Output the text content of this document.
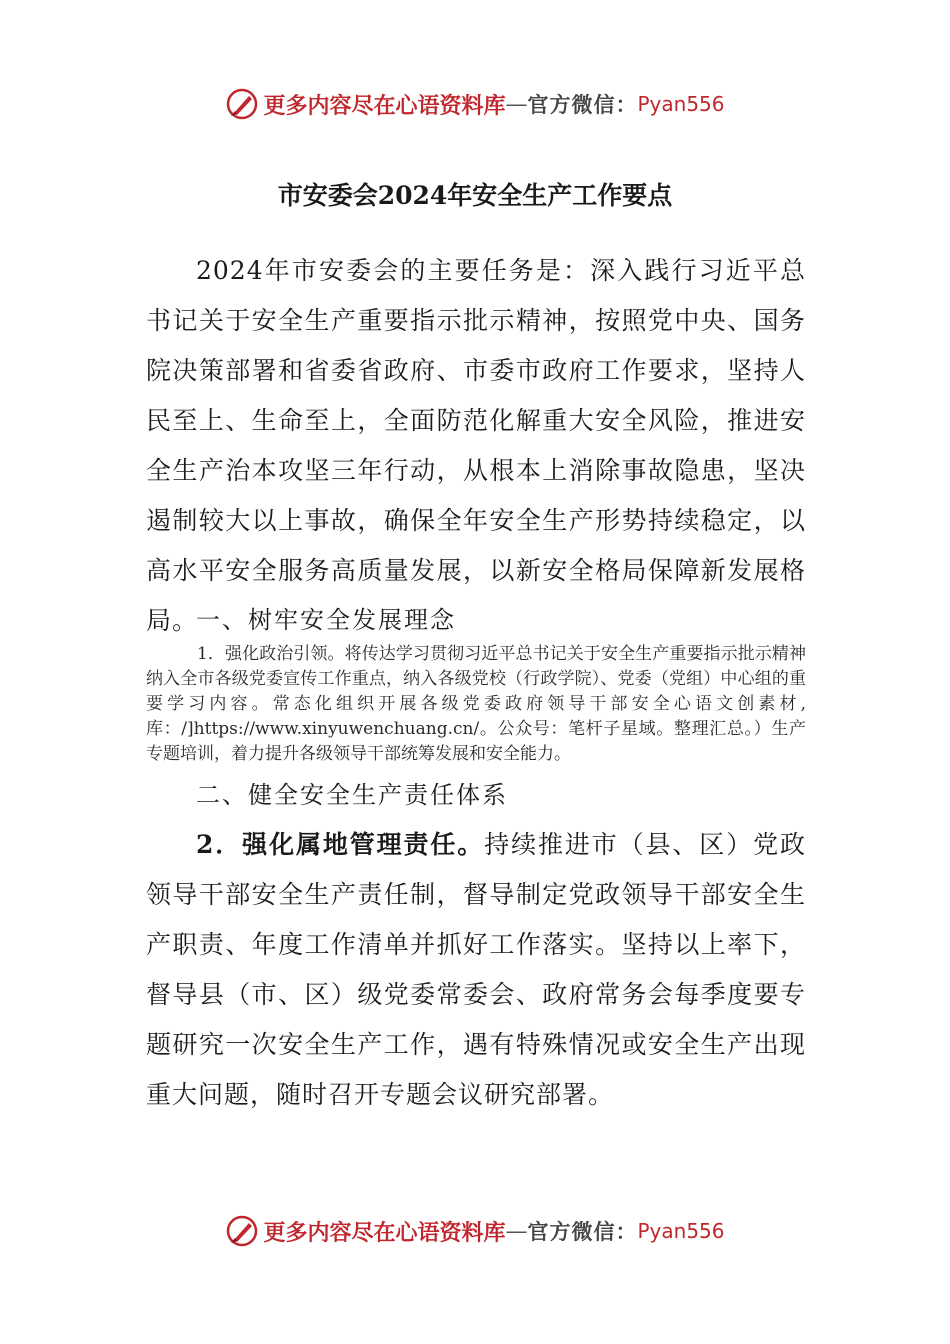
更多内容尽在心语资料库 — 官方微信： Pyan556
市安委会2024年安全生产工作要点

2024年市安委会的主要任务是：深入践行习近平总书记关于安全生产重要指示批示精神，按照党中央、国务院决策部署和省委省政府、市委市政府工作要求，坚持人民至上、生命至上，全面防范化解重大安全风险，推进安全生产治本攻坚三年行动，从根本上消除事故隐患，坚决遏制较大以上事故，确保全年安全生产形势持续稳定，以高水平安全服务高质量发展，以新安全格局保障新发展格局。

一、树牢安全发展理念

1．强化政治引领。将传达学习贯彻习近平总书记关于安全生产重要指示批示精神纳入全市各级党委宣传工作重点，纳入各级党校（行政学院）、党委（党组）中心组的重要学习内容。常态化组织开展各级党委政府领导干部安全心语文创素材,库：/]https://www.xinyuwenchuang.cn/。公众号：笔杆子星域。整理汇总。）生产专题培训，着力提升各级领导干部统筹发展和安全能力。

二、健全安全生产责任体系

2．强化属地管理责任。持续推进市（县、区）党政领导干部安全生产责任制，督导制定党政领导干部安全生产职责、年度工作清单并抓好工作落实。坚持以上率下，督导县（市、区）级党委常委会、政府常务会每季度要专题研究一次安全生产工作，遇有特殊情况或安全生产出现重大问题，随时召开专题会议研究部署。

更多内容尽在心语资料库 — 官方微信： Pyan556
